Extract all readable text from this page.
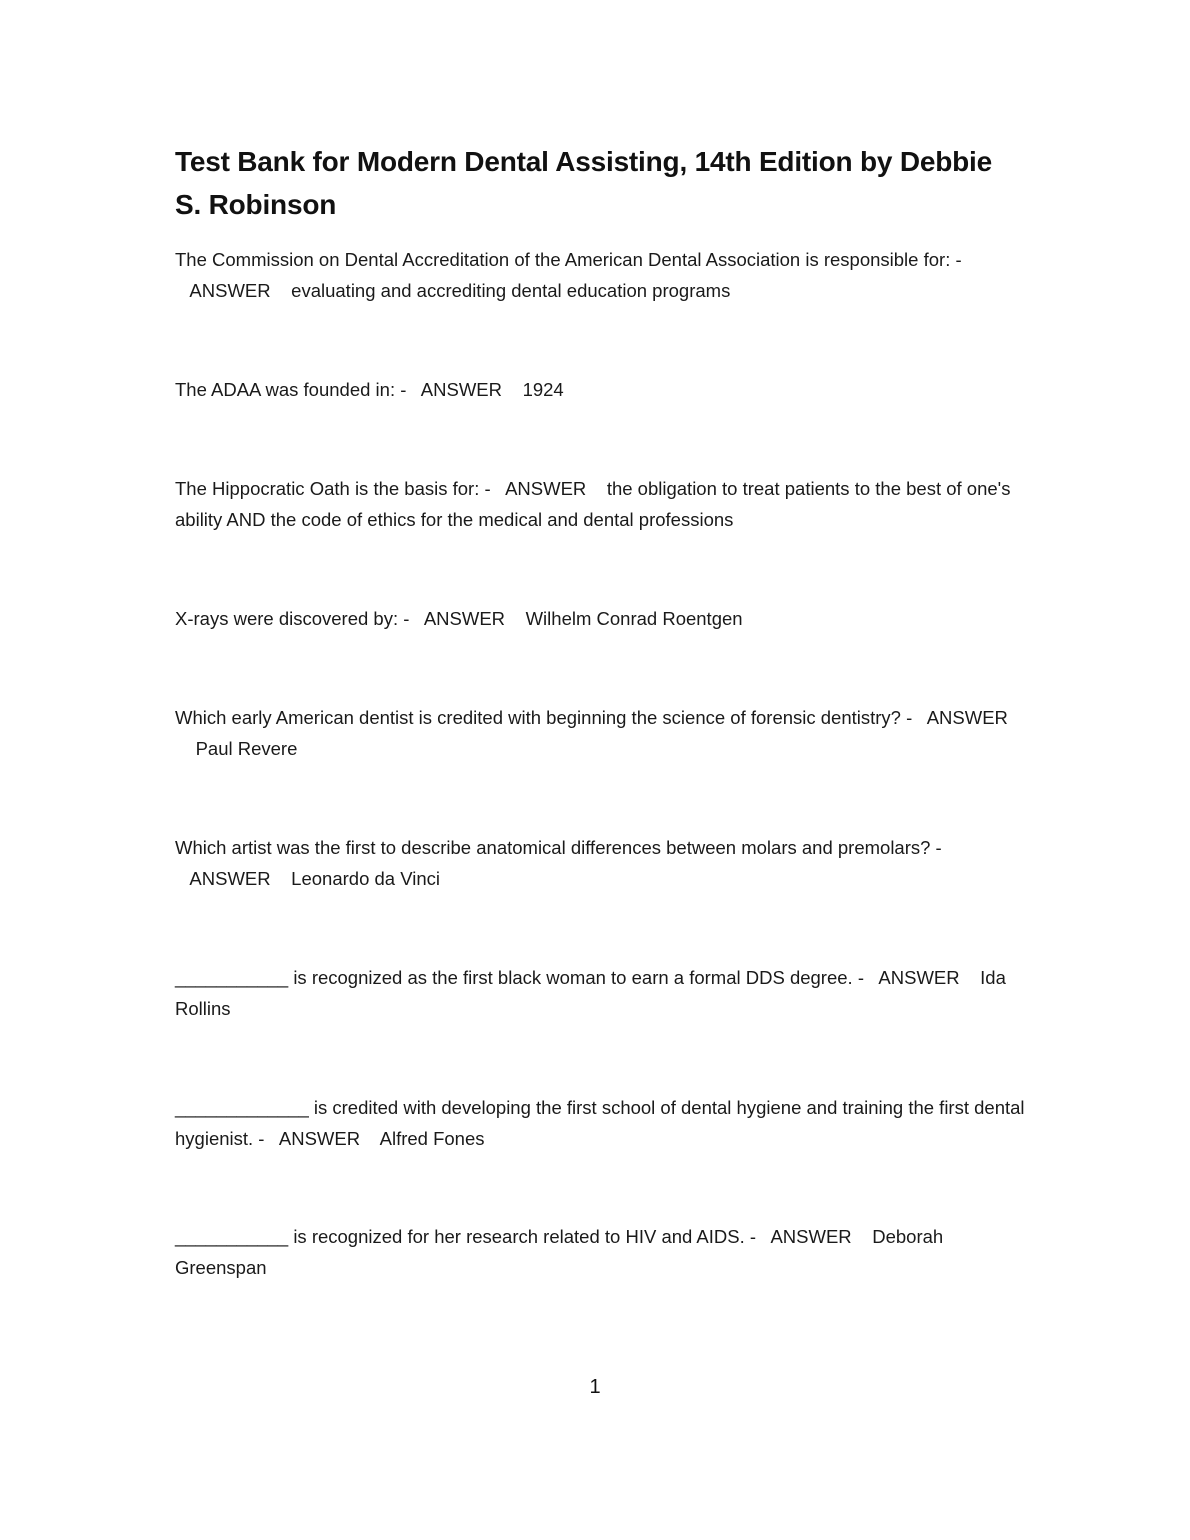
Test Bank for Modern Dental Assisting, 14th Edition by Debbie S. Robinson

The Commission on Dental Accreditation of the American Dental Association is responsible for: -   ANSWER evaluating and accrediting dental education programs

The ADAA was founded in: - ANSWER 1924

The Hippocratic Oath is the basis for: - ANSWER the obligation to treat patients to the best of one's ability AND the code of ethics for the medical and dental professions

X-rays were discovered by: - ANSWER Wilhelm Conrad Roentgen

Which early American dentist is credited with beginning the science of forensic dentistry? - ANSWER    Paul Revere

Which artist was the first to describe anatomical differences between molars and premolars? -   ANSWER Leonardo da Vinci

___________ is recognized as the first black woman to earn a formal DDS degree. - ANSWER Ida Rollins

_____________ is credited with developing the first school of dental hygiene and training the first dental hygienist. - ANSWER Alfred Fones

___________ is recognized for her research related to HIV and AIDS. - ANSWER Deborah Greenspan

1
